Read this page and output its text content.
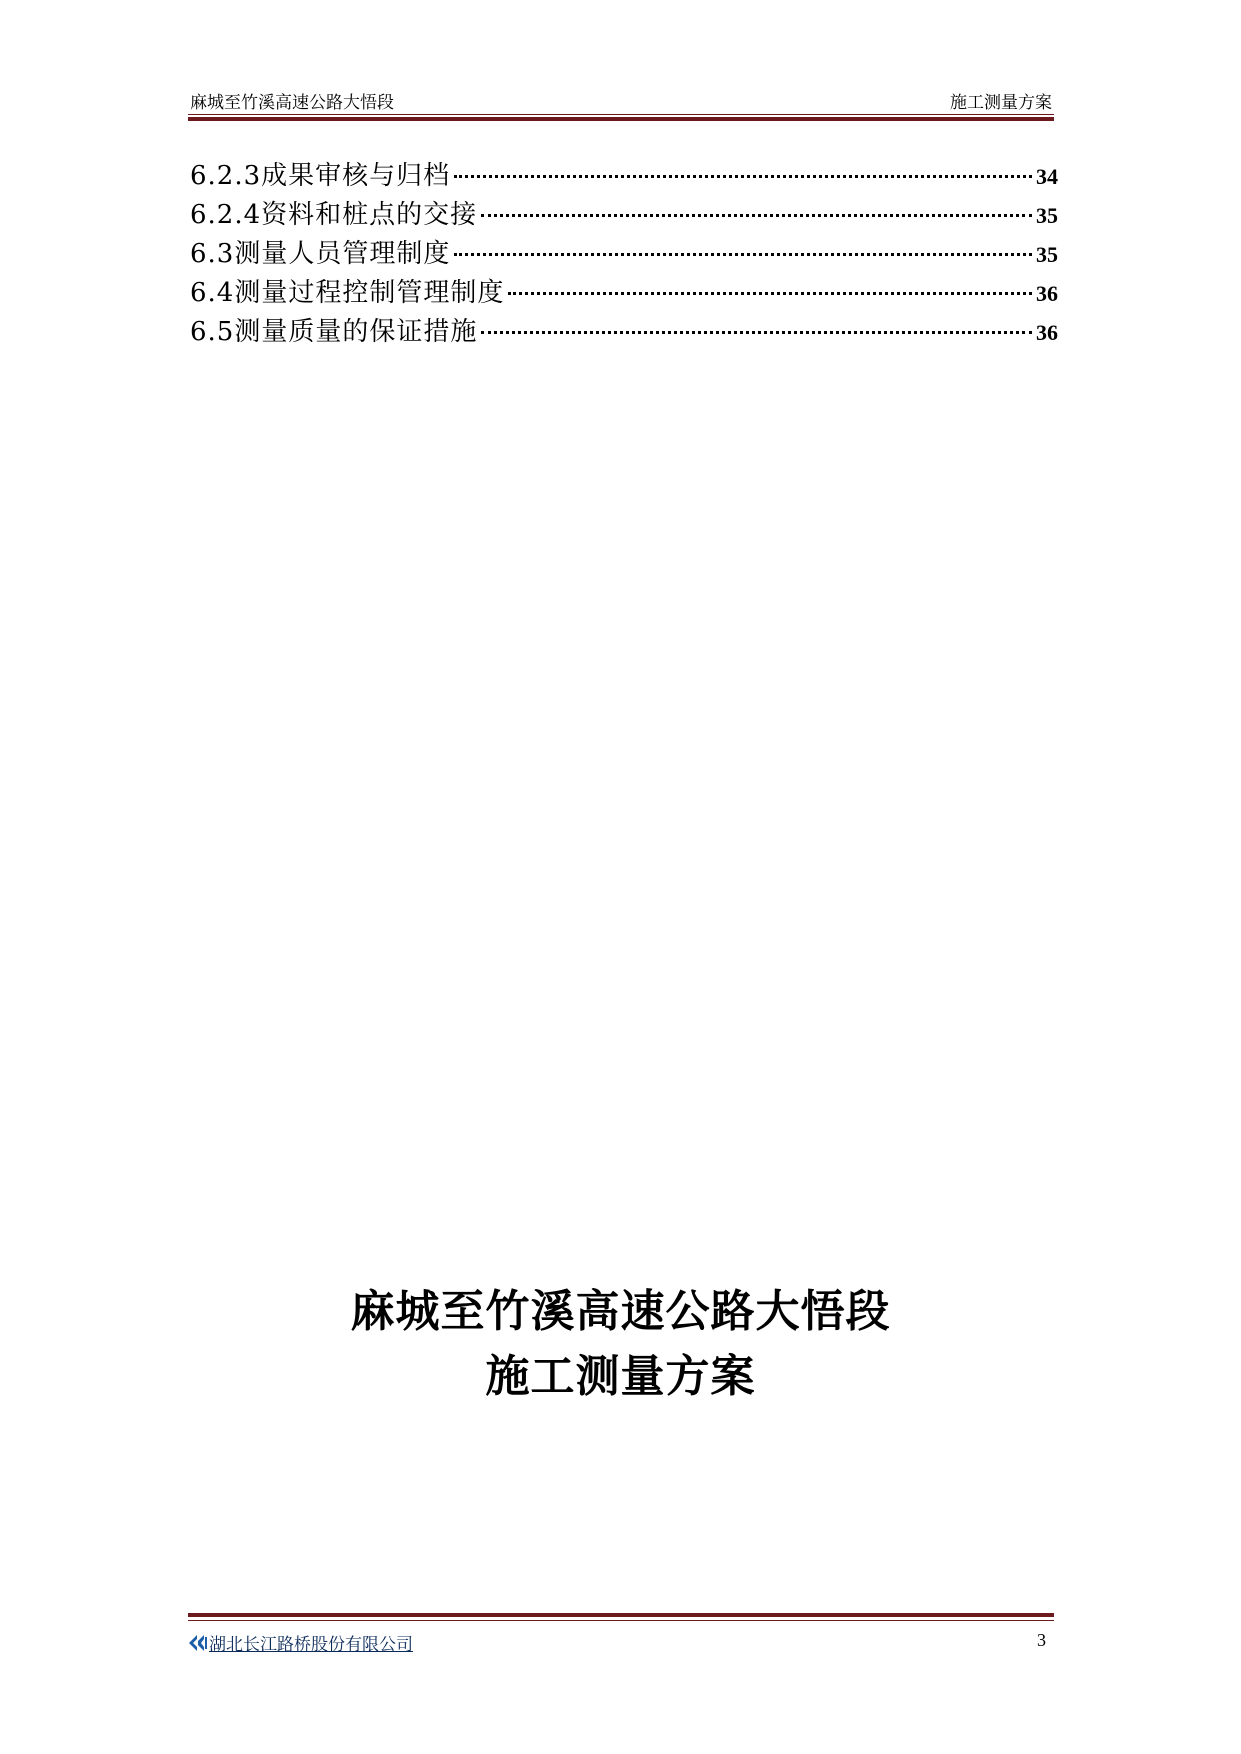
麻城至竹溪高速公路大悟段	施工测量方案
6.2.3 成果审核与归档	34
6.2.4 资料和桩点的交接	35
6.3 测量人员管理制度	35
6.4 测量过程控制管理制度	36
6.5 测量质量的保证措施	36
麻城至竹溪高速公路大悟段
施工测量方案
湖北长江路桥股份有限公司	3
